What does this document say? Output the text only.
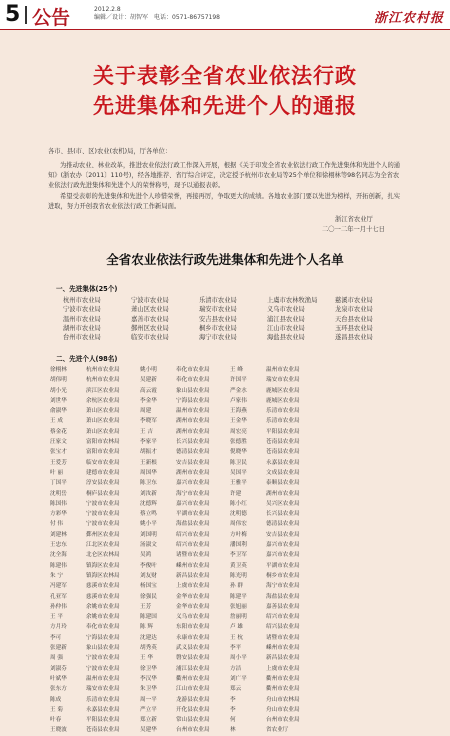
5 公告	2012.2.8
编辑／设计：胡智军　电话：0571-86757198	浙江农村报
关于表彰全省农业依法行政
先进集体和先进个人的通报
各市、县(市、区)农业(农机)局，厅各单位：
为推动农业、林业改革，推进农业依法行政工作深入开展，根据《关于印发全省农业依法行政工作先进集体和先进个人的通知》(浙农办〔2011〕110号)，经各地推荐、省厅综合评定，决定授予杭州市农业局等25个单位和徐栩林等98名同志为全省农业依法行政先进集体和先进个人的荣誉称号，现予以通报表彰。
希望受表彰的先进集体和先进个人珍惜荣誉，再接再厉，争取更大的成绩。各地农业部门要以先进为榜样，开拓创新，扎实进取，努力开创我省农业依法行政工作新局面。
浙江省农业厅
二〇一二年一月十七日
全省农业依法行政先进集体和先进个人名单
一、先进集体(25个)
杭州市农业局	宁波市农业局	乐清市农业局	上虞市农林牧渔局	慈溪市农业局
宁波市农业局	萧山区农业局	瑞安市农业局	义乌市农业局	龙泉市农业局
温州市农业局	嘉善市农业局	安吉县农业局	浦江县农业局	天台县农业局
湖州市农业局	鄞州区农业局	桐乡市农业局	江山市农业局	玉环县农业局
台州市农业局	临安市农业局	海宁市农业局	海盐县农业局	遂昌县农业局
二、先进个人(98名)
徐栩林	杭州市农业局	姚小明	奉化市农业局	王 峰	温州市农业局
胡伟明	杭州市农业局	吴建新	奉化市农业局	许国平	瑞安市农业局
胡小光	滨江区农业局	高云霞	象山县农业局	严金水	鹿城区农业局
刘世华	余杭区农业局	李金华	宁海县农业局	卢家伟	鹿城区农业局
俞淑华	萧山区农业局	周建	温州市农业局	王海燕	乐清市农业局
王 成	萧山区农业局	李晓军	湖州市农业局	王金华	乐清市农业局
蔡金花	萧山区农业局	王 吉	湖州市农业局	周宏亮	平阳县农业局
汪家文	富阳市农林局	李家平	长兴县农业局	张德胜	苍南县农业局
张宝才	富阳市农业局	胡振才	德清县农业局	倪晓华	苍南县农业局
王爱芳	临安市农业局	王新根	安吉县农业局	陈卫民	永嘉县农业局
叶 丽	建德市农业局	周国华	湖州市农业局	吴国平	文成县农业局
丁国平	淳安县农业局	陈卫东	嘉兴市农业局	王雅平	泰顺县农业局
沈明岳	桐庐县农业局	刘汝新	海宁市农业局	许建	湖州市农业局
陈国伟	宁波市农业局	沈德辉	嘉兴市农业局	陈小红	吴兴区农业局
方彩华	宁波市农业局	蔡立鸣	平湖市农业局	沈明德	长兴县农业局
付 伟	宁波市农业局	姚小平	海盐县农业局	周伟宏	德清县农业局
刘建林	鄞州区农业局	刘国明	绍兴市农业局	方叶梅	安吉县农业局
王忠东	江北区农业局	汤淑文	绍兴市农业局	潘国利	嘉兴市农业局
沈全海	北仑区农林局	吴鸿	诸暨市农业局	李卫军	嘉兴市农业局
陈建伟	镇海区农业局	李俊叶	嵊州市农业局	黄卫英	平湖市农业局
朱 宁	镇海区农林局	刘友财	新昌县农业局	陈光明	桐乡市农业局
冯建军	慈溪市农业局	杨国宝	上虞市农业局	孙 群	海宁市农业局
孔亚军	慈溪市农业局	徐强民	金华市农业局	陈建平	海盐县农业局
孙仲伟	余姚市农业局	王芳	金华市农业局	张旭丽	嘉善县农业局
王 平	余姚市农业局	陈建国	义乌市农业局	詹丽明	绍兴市农业局
方月玲	奉化市农业局	陈 辉	东阳市农业局	卢 雄	绍兴县农业局
李可	宁海县农业局	沈建达	永康市农业局	王 杭	诸暨市农业局
张建新	象山县农业局	胡秀英	武义县农业局	李平	嵊州市农业局
周 强	宁波市农业局	王 华	磐安县农业局	周小平	新昌县农业局
刘淑芬	宁波市农业局	徐卫华	浦江县农业局	方洁	上虞市农业局
叶斌华	温州市农业局	李汉华	衢州市农业局	刘广平	衢州市农业局
张东方	瑞安市农业局	朱卫华	江山市农业局	郑云	衢州市农业局
陈成	乐清市农业局	周一平	龙游县农业局	李	舟山市农林局
王 菊	永嘉县农业局	严立平	开化县农业局	李	舟山市农业局
叶春	平阳县农业局	郑立新	常山县农业局	何	台州市农业局
王晓波	苍南县农业局	吴建华	台州市农业局	林	省农业厅
